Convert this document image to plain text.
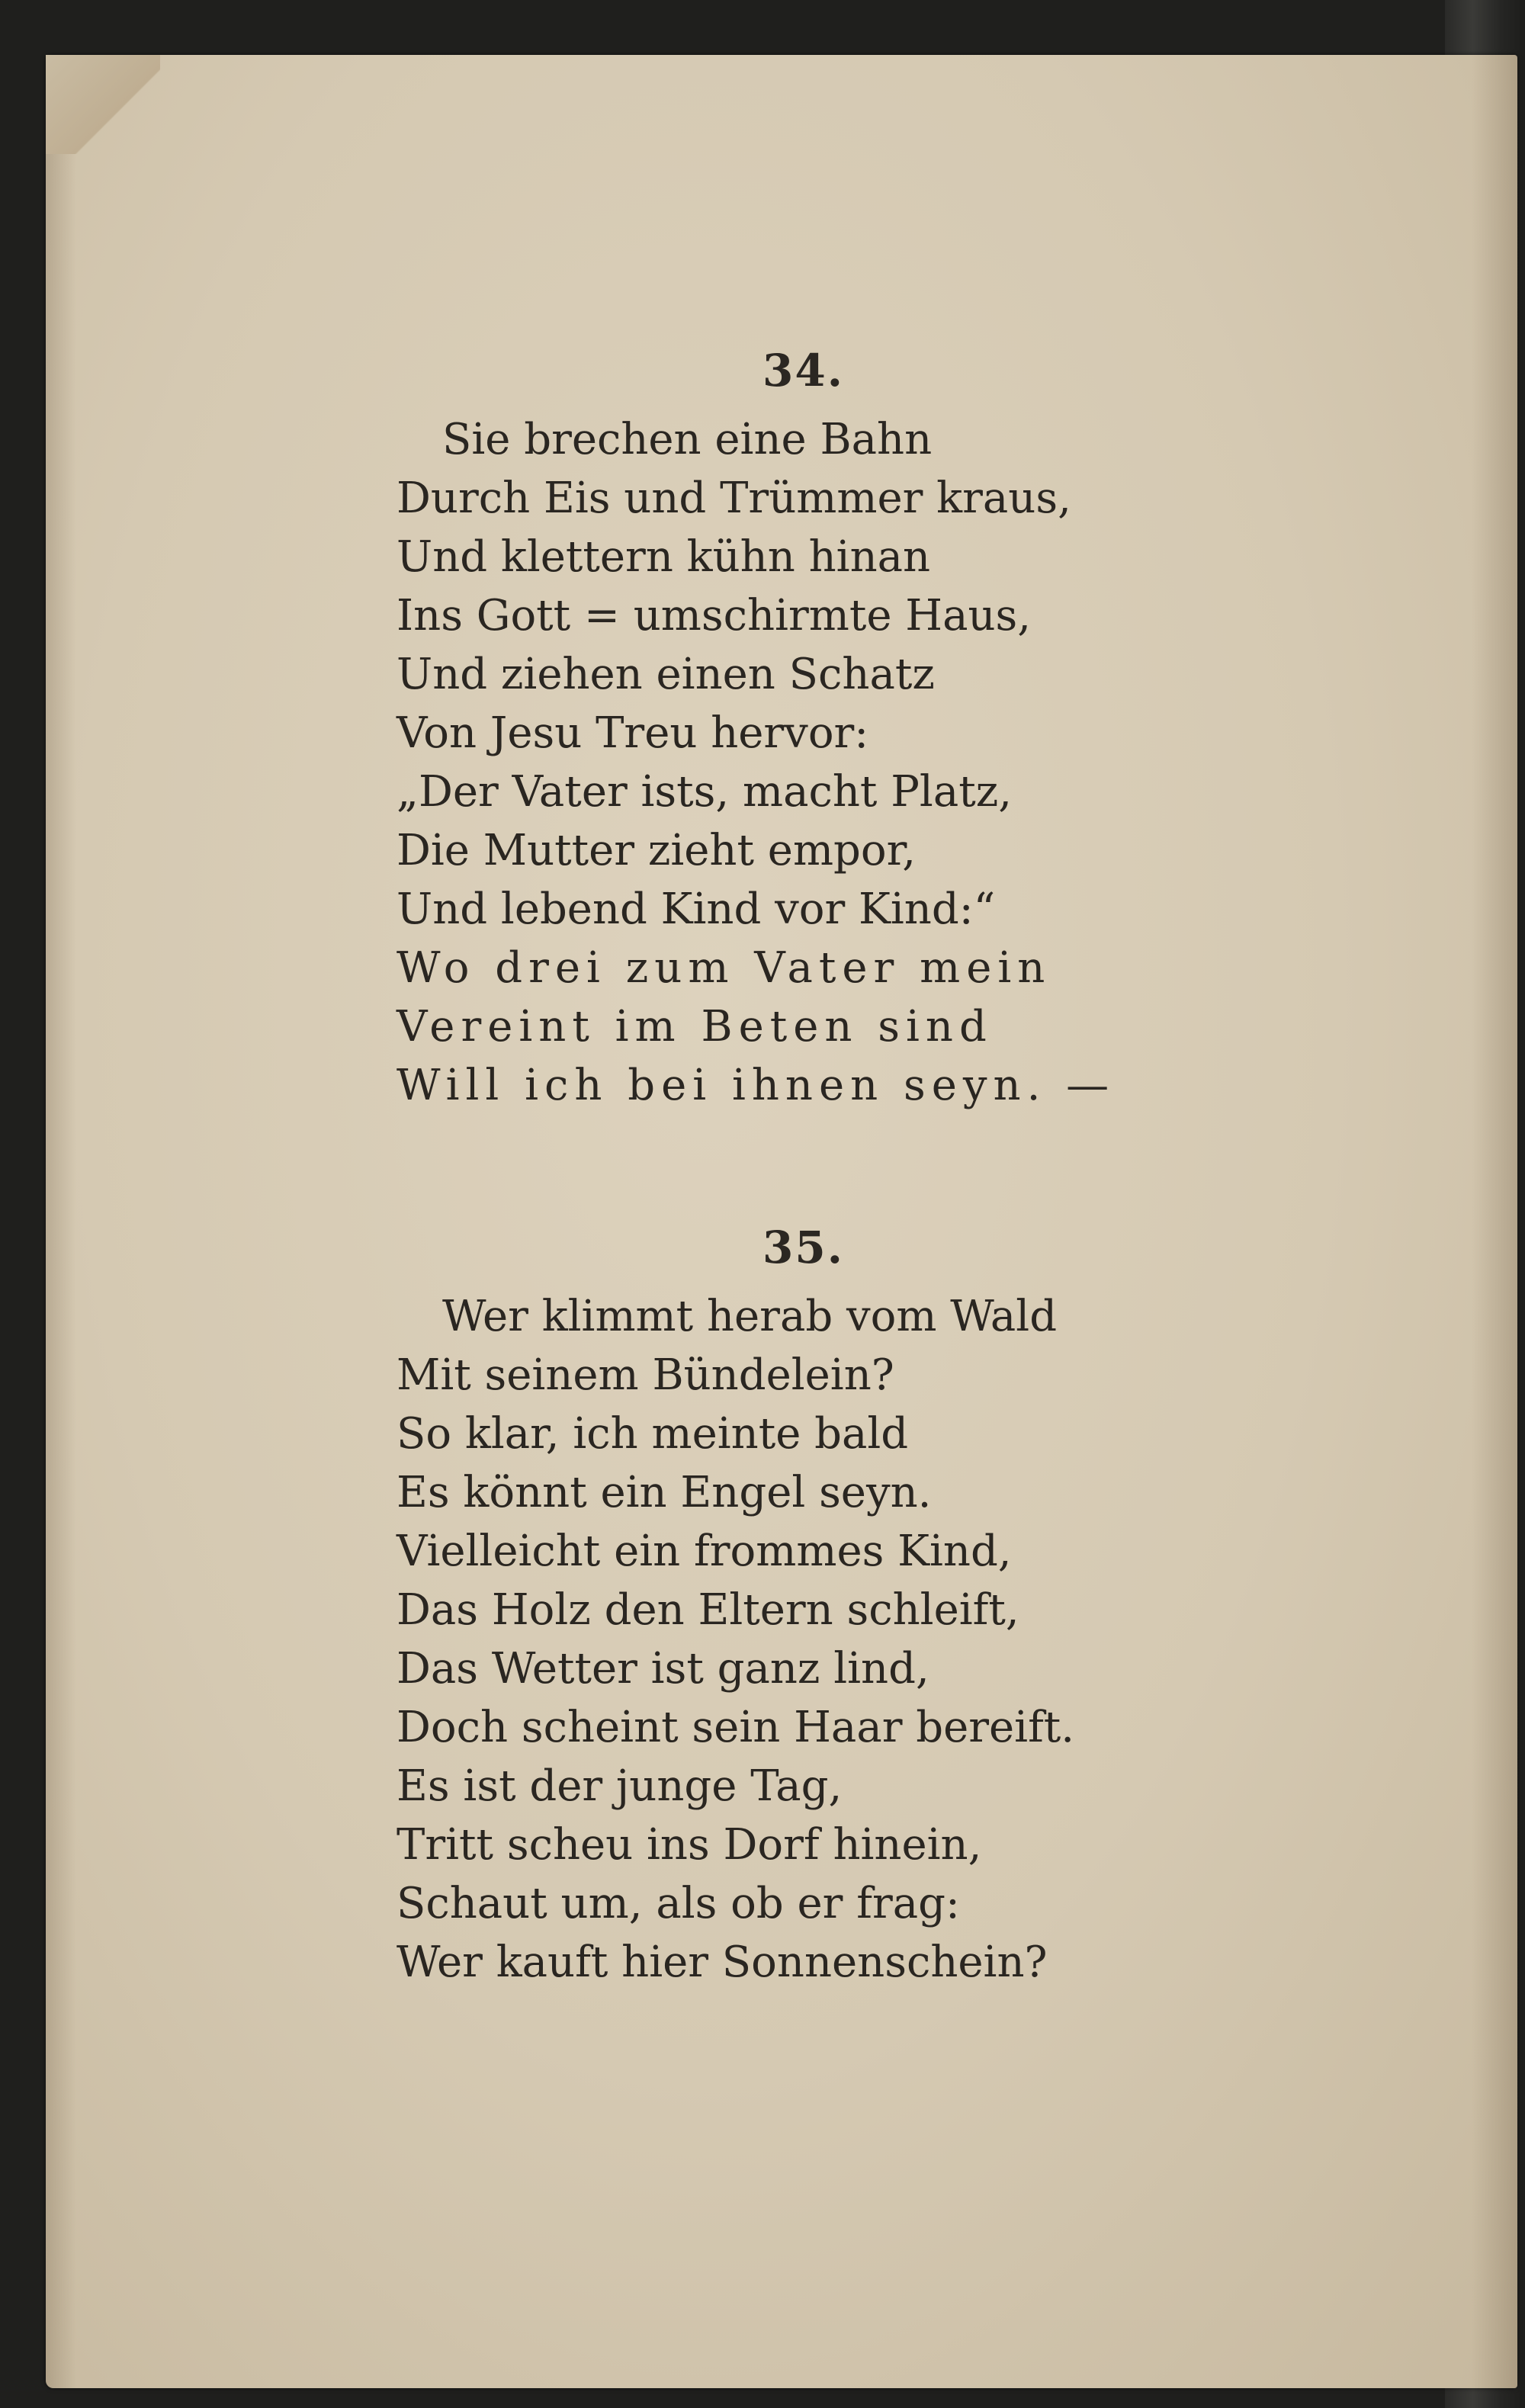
34.
Sie brechen eine Bahn
Durch Eis und Trümmer kraus,
Und klettern kühn hinan
Ins Gott = umschirmte Haus,
Und ziehen einen Schatz
Von Jesu Treu hervor:
„Der Vater ists, macht Platz,
Die Mutter zieht empor,
Und lebend Kind vor Kind:“
Wo drei zum Vater mein
Vereint im Beten sind
Will ich bei ihnen seyn. —
35.
Wer klimmt herab vom Wald
Mit seinem Bündelein?
So klar, ich meinte bald
Es könnt ein Engel seyn.
Vielleicht ein frommes Kind,
Das Holz den Eltern schleift,
Das Wetter ist ganz lind,
Doch scheint sein Haar bereift.
Es ist der junge Tag,
Tritt scheu ins Dorf hinein,
Schaut um, als ob er frag:
Wer kauft hier Sonnenschein?
